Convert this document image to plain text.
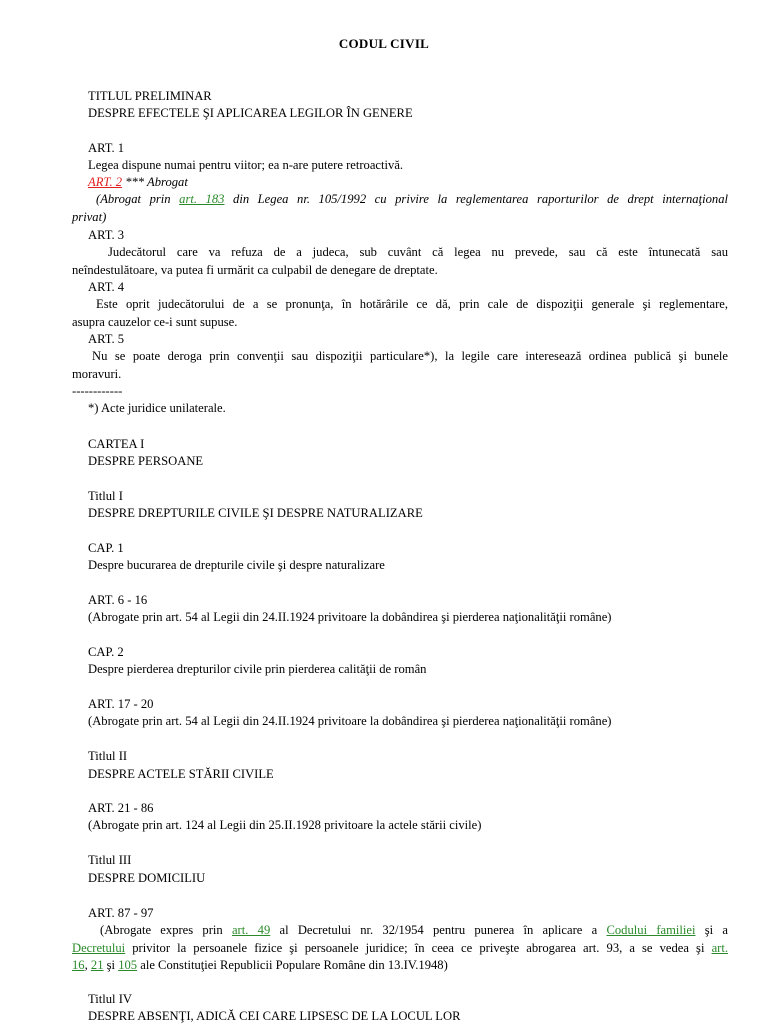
CODUL CIVIL
TITLUL PRELIMINAR
DESPRE EFECTELE ŞI APLICAREA LEGILOR ÎN GENERE
ART. 1
Legea dispune numai pentru viitor; ea n-are putere retroactivă.
ART. 2 *** Abrogat
(Abrogat prin art. 183 din Legea nr. 105/1992 cu privire la reglementarea raporturilor de drept internaţional
privat)
ART. 3
Judecătorul care va refuza de a judeca, sub cuvânt că legea nu prevede, sau că este întunecată sau
neîndestulătoare, va putea fi urmărit ca culpabil de denegare de dreptate.
ART. 4
Este oprit judecătorului de a se pronunţa, în hotărârile ce dă, prin cale de dispoziţii generale şi reglementare,
asupra cauzelor ce-i sunt supuse.
ART. 5
Nu se poate deroga prin convenţii sau dispoziţii particulare*), la legile care interesează ordinea publică şi bunele
moravuri.
------------
*) Acte juridice unilaterale.
CARTEA I
DESPRE PERSOANE
Titlul I
DESPRE DREPTURILE CIVILE ŞI DESPRE NATURALIZARE
CAP. 1
Despre bucurarea de drepturile civile şi despre naturalizare
ART. 6 - 16
(Abrogate prin art. 54 al Legii din 24.II.1924 privitoare la dobândirea şi pierderea naţionalităţii române)
CAP. 2
Despre pierderea drepturilor civile prin pierderea calităţii de român
ART. 17 - 20
(Abrogate prin art. 54 al Legii din 24.II.1924 privitoare la dobândirea şi pierderea naţionalităţii române)
Titlul II
DESPRE ACTELE STĂRII CIVILE
ART. 21 - 86
(Abrogate prin art. 124 al Legii din 25.II.1928 privitoare la actele stării civile)
Titlul III
DESPRE DOMICILIU
ART. 87 - 97
(Abrogate expres prin art. 49 al Decretului nr. 32/1954 pentru punerea în aplicare a Codului familiei şi a
Decretului privitor la persoanele fizice şi persoanele juridice; în ceea ce priveşte abrogarea art. 93, a se vedea şi art.
16, 21 şi 105 ale Constituţiei Republicii Populare Române din 13.IV.1948)
Titlul IV
DESPRE ABSENŢI, ADICĂ CEI CARE LIPSESC DE LA LOCUL LOR
